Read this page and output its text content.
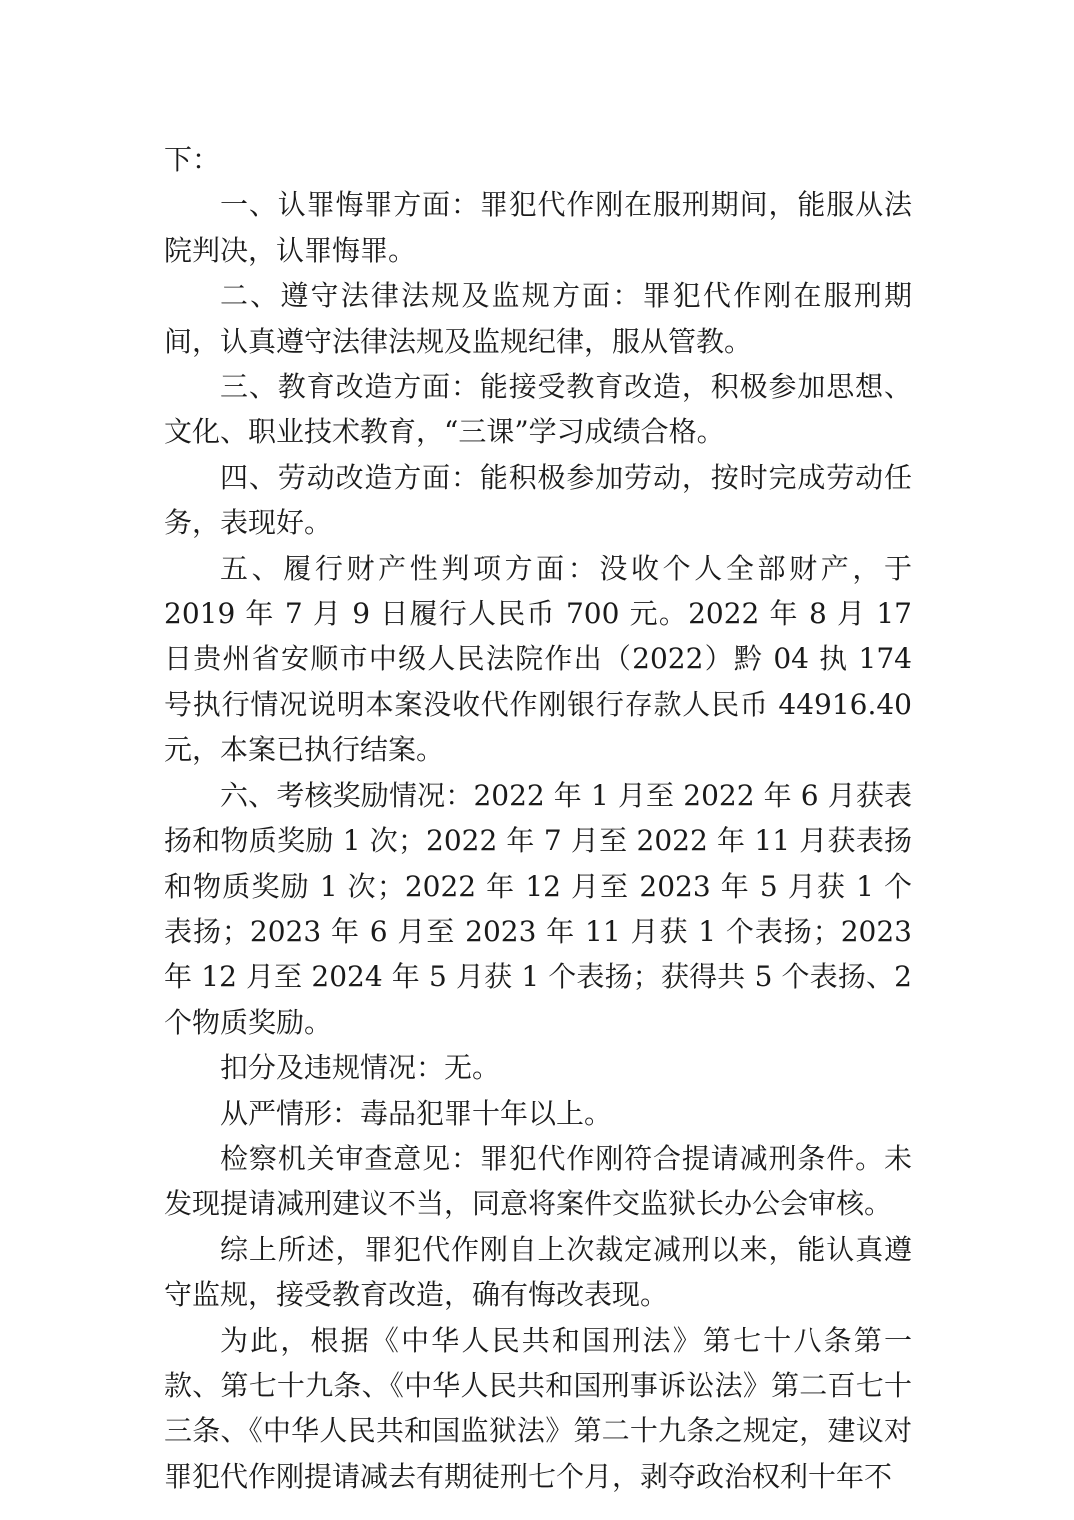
下：

一、认罪悔罪方面：罪犯代作刚在服刑期间，能服从法院判决，认罪悔罪。

二、遵守法律法规及监规方面：罪犯代作刚在服刑期间，认真遵守法律法规及监规纪律，服从管教。

三、教育改造方面：能接受教育改造，积极参加思想、文化、职业技术教育，“三课”学习成绩合格。

四、劳动改造方面：能积极参加劳动，按时完成劳动任务，表现好。

五、履行财产性判项方面：没收个人全部财产，于 2019 年 7 月 9 日履行人民币 700 元。2022 年 8 月 17 日贵州省安顺市中级人民法院作出（2022）黔 04 执 174 号执行情况说明本案没收代作刚银行存款人民币 44916.40 元，本案已执行结案。

六、考核奖励情况：2022 年 1 月至 2022 年 6 月获表扬和物质奖励 1 次；2022 年 7 月至 2022 年 11 月获表扬和物质奖励 1 次；2022 年 12 月至 2023 年 5 月获 1 个表扬；2023 年 6 月至 2023 年 11 月获 1 个表扬；2023 年 12 月至 2024 年 5 月获 1 个表扬；获得共 5 个表扬、2 个物质奖励。

扣分及违规情况：无。

从严情形：毒品犯罪十年以上。

检察机关审查意见：罪犯代作刚符合提请减刑条件。未发现提请减刑建议不当，同意将案件交监狱长办公会审核。

综上所述，罪犯代作刚自上次裁定减刑以来，能认真遵守监规，接受教育改造，确有悔改表现。

为此，根据《中华人民共和国刑法》第七十八条第一款、第七十九条、《中华人民共和国刑事诉讼法》第二百七十三条、《中华人民共和国监狱法》第二十九条之规定，建议对罪犯代作刚提请减去有期徒刑七个月，剥夺政治权利十年不
